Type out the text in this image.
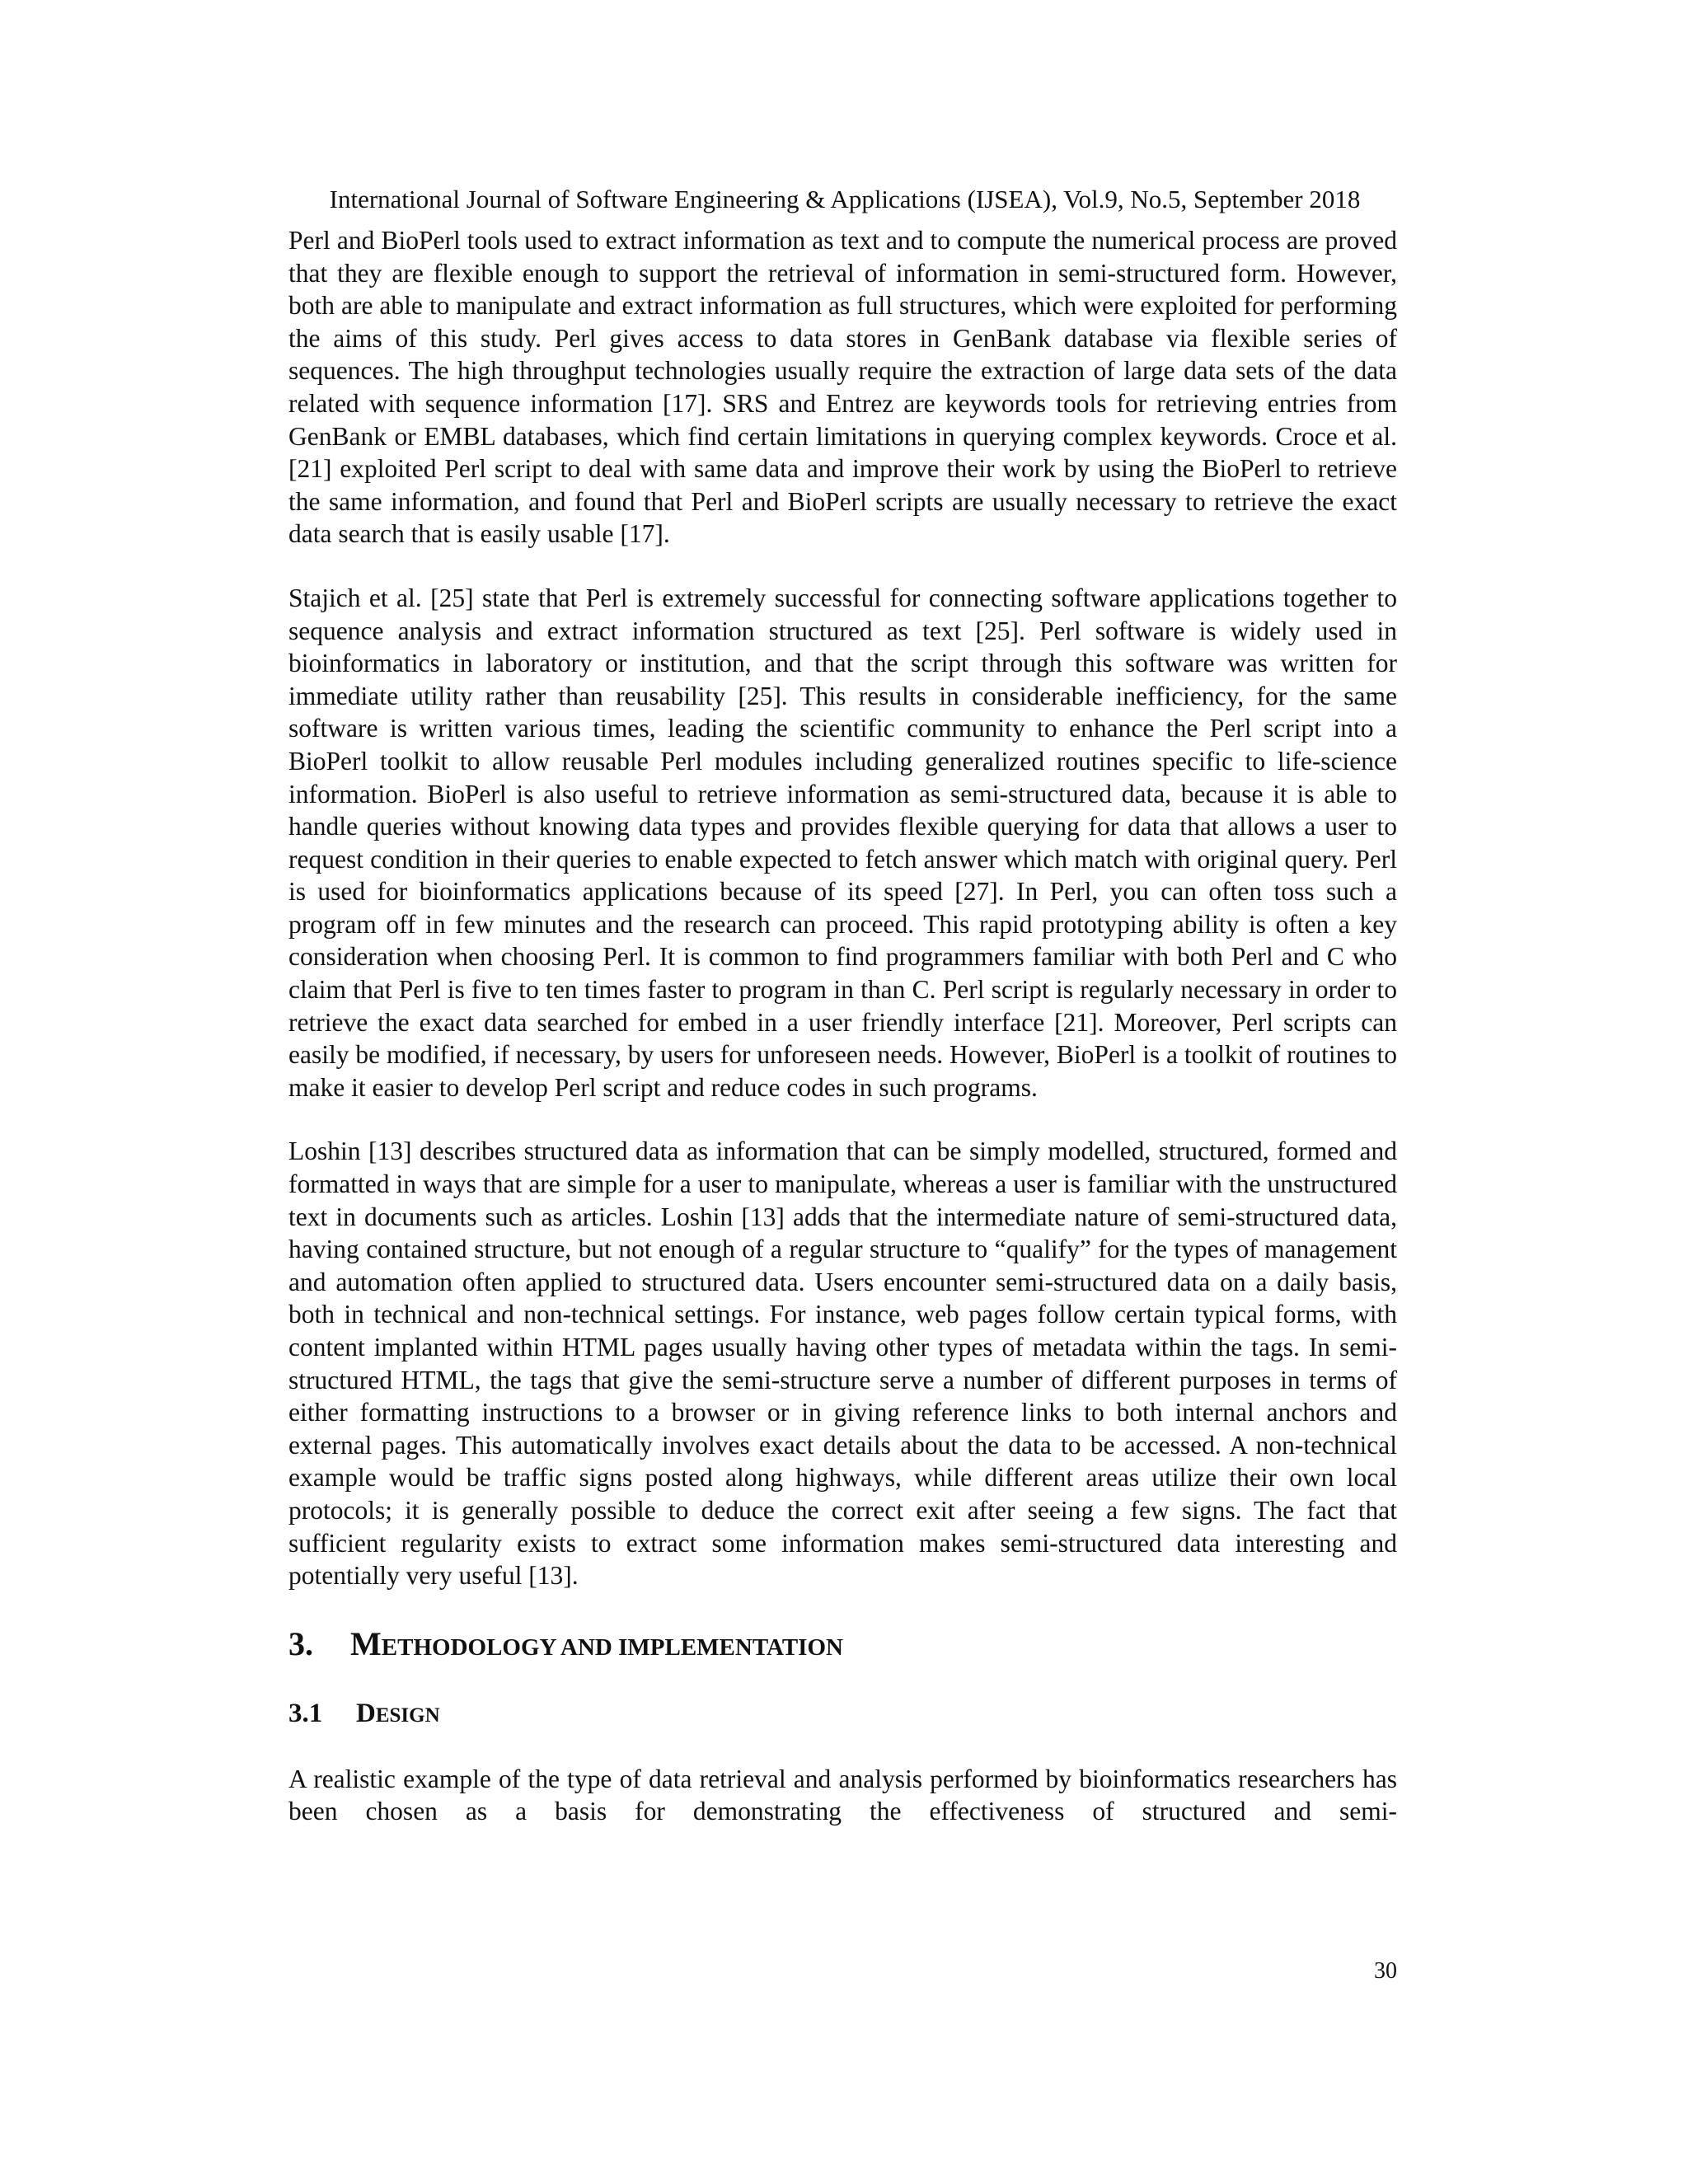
International Journal of Software Engineering & Applications (IJSEA), Vol.9, No.5, September 2018

Perl and BioPerl tools used to extract information as text and to compute the numerical process are proved that they are flexible enough to support the retrieval of information in semi-structured form. However, both are able to manipulate and extract information as full structures, which were exploited for performing the aims of this study. Perl gives access to data stores in GenBank database via flexible series of sequences. The high throughput technologies usually require the extraction of large data sets of the data related with sequence information [17]. SRS and Entrez are keywords tools for retrieving entries from GenBank or EMBL databases, which find certain limitations in querying complex keywords. Croce et al. [21] exploited Perl script to deal with same data and improve their work by using the BioPerl to retrieve the same information, and found that Perl and BioPerl scripts are usually necessary to retrieve the exact data search that is easily usable [17].

Stajich et al. [25] state that Perl is extremely successful for connecting software applications together to sequence analysis and extract information structured as text [25]. Perl software is widely used in bioinformatics in laboratory or institution, and that the script through this software was written for immediate utility rather than reusability [25]. This results in considerable inefficiency, for the same software is written various times, leading the scientific community to enhance the Perl script into a BioPerl toolkit to allow reusable Perl modules including generalized routines specific to life-science information. BioPerl is also useful to retrieve information as semi-structured data, because it is able to handle queries without knowing data types and provides flexible querying for data that allows a user to request condition in their queries to enable expected to fetch answer which match with original query. Perl is used for bioinformatics applications because of its speed [27]. In Perl, you can often toss such a program off in few minutes and the research can proceed. This rapid prototyping ability is often a key consideration when choosing Perl. It is common to find programmers familiar with both Perl and C who claim that Perl is five to ten times faster to program in than C. Perl script is regularly necessary in order to retrieve the exact data searched for embed in a user friendly interface [21]. Moreover, Perl scripts can easily be modified, if necessary, by users for unforeseen needs. However, BioPerl is a toolkit of routines to make it easier to develop Perl script and reduce codes in such programs.

Loshin [13] describes structured data as information that can be simply modelled, structured, formed and formatted in ways that are simple for a user to manipulate, whereas a user is familiar with the unstructured text in documents such as articles. Loshin [13] adds that the intermediate nature of semi-structured data, having contained structure, but not enough of a regular structure to “qualify” for the types of management and automation often applied to structured data. Users encounter semi-structured data on a daily basis, both in technical and non-technical settings. For instance, web pages follow certain typical forms, with content implanted within HTML pages usually having other types of metadata within the tags. In semi-structured HTML, the tags that give the semi-structure serve a number of different purposes in terms of either formatting instructions to a browser or in giving reference links to both internal anchors and external pages. This automatically involves exact details about the data to be accessed. A non-technical example would be traffic signs posted along highways, while different areas utilize their own local protocols; it is generally possible to deduce the correct exit after seeing a few signs. The fact that sufficient regularity exists to extract some information makes semi-structured data interesting and potentially very useful [13].

3. METHODOLOGY AND IMPLEMENTATION
3.1 DESIGN

A realistic example of the type of data retrieval and analysis performed by bioinformatics researchers has been chosen as a basis for demonstrating the effectiveness of structured and semi-

30
